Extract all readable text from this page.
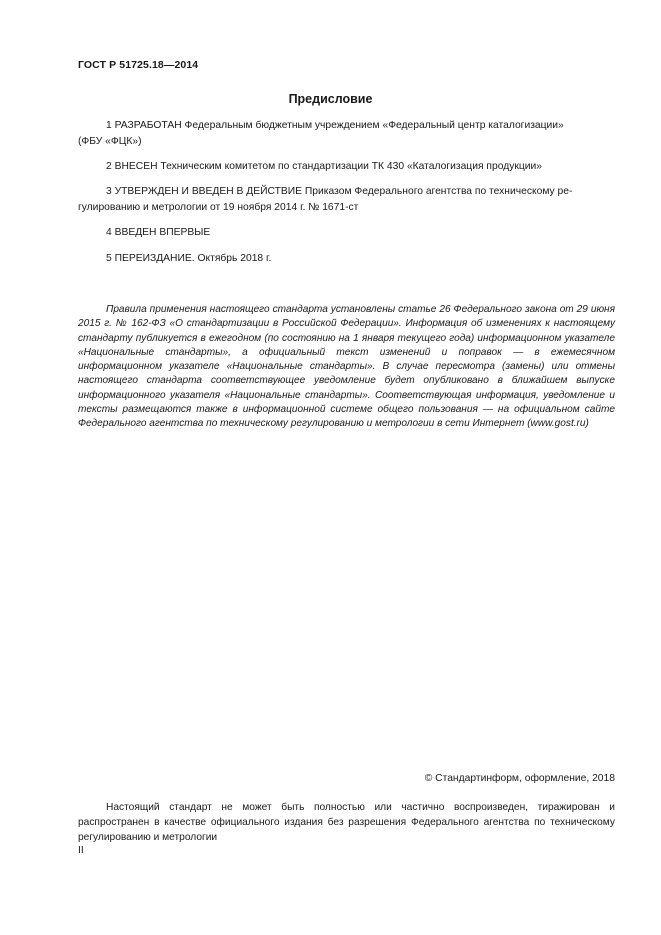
ГОСТ Р 51725.18—2014
Предисловие
1 РАЗРАБОТАН Федеральным бюджетным учреждением «Федеральный центр каталогизации»
(ФБУ «ФЦК»)
2 ВНЕСЕН Техническим комитетом по стандартизации ТК 430 «Каталогизация продукции»
3 УТВЕРЖДЕН И ВВЕДЕН В ДЕЙСТВИЕ Приказом Федерального агентства по техническому ре-
гулированию и метрологии от 19 ноября 2014 г. № 1671-ст
4 ВВЕДЕН ВПЕРВЫЕ
5 ПЕРЕИЗДАНИЕ. Октябрь 2018 г.
Правила применения настоящего стандарта установлены статье 26 Федерального закона от 29 июня 2015 г. № 162-ФЗ «О стандартизации в Российской Федерации». Информация об изменениях к настоящему стандарту публикуется в ежегодном (по состоянию на 1 января текущего года) информационном указателе «Национальные стандарты», а официальный текст изменений и поправок — в ежемесячном информационном указателе «Национальные стандарты». В случае пересмотра (замены) или отмены настоящего стандарта соответствующее уведомление будет опубликовано в ближайшем выпуске информационного указателя «Национальные стандарты». Соответствующая информация, уведомление и тексты размещаются также в информационной системе общего пользования — на официальном сайте Федерального агентства по техническому регулированию и метрологии в сети Интернет (www.gost.ru)
© Стандартинформ, оформление, 2018
Настоящий стандарт не может быть полностью или частично воспроизведен, тиражирован и распространен в качестве официального издания без разрешения Федерального агентства по техническому регулированию и метрологии
II
